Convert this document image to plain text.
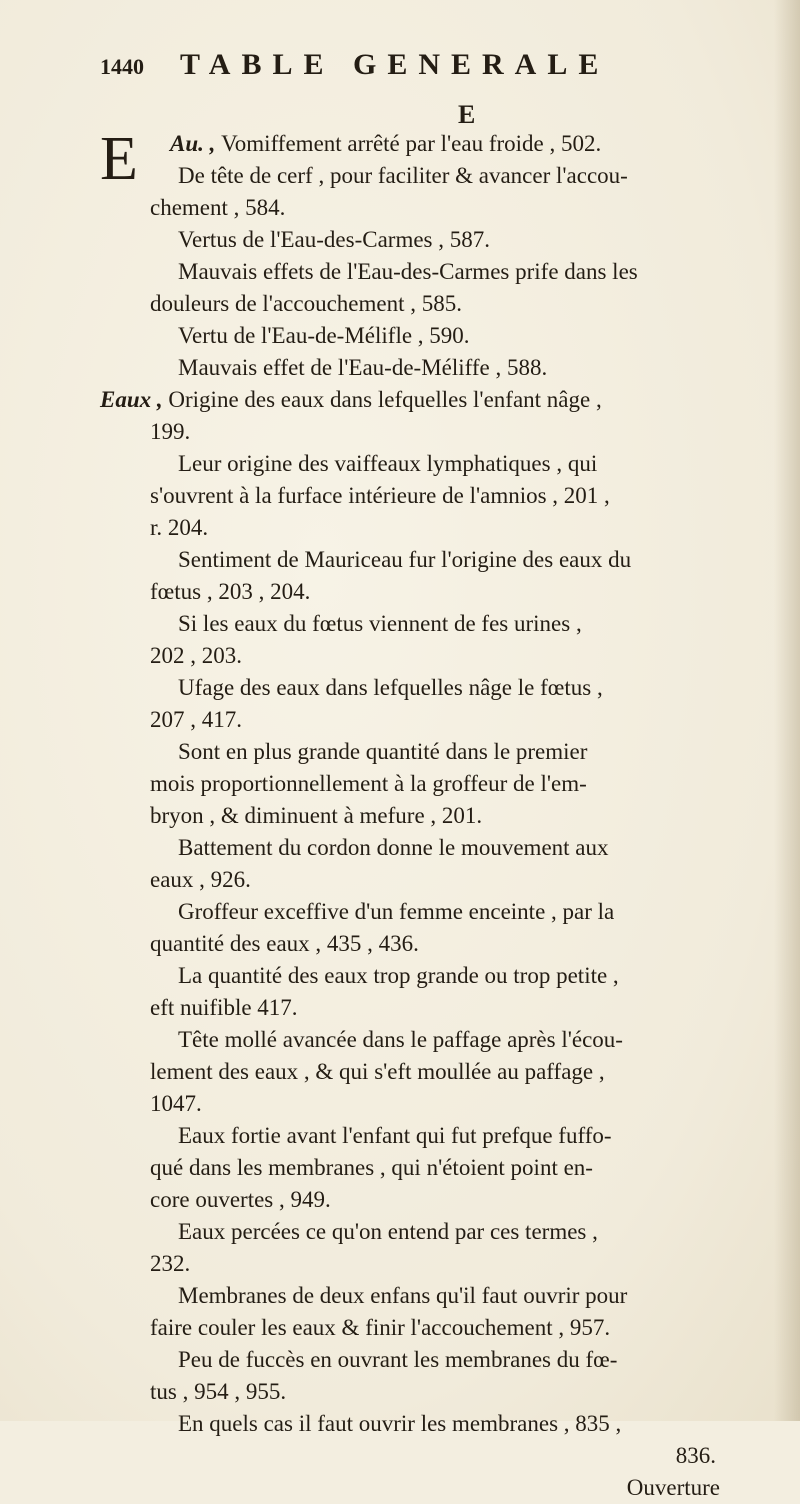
1440 TABLE GENERALE
E
E	Au. , Vomiffement arrêté par l'eau froide , 502.
De tête de cerf , pour faciliter & avancer l'accou-
chement , 584.
Vertus de l'Eau-des-Carmes , 587.
Mauvais effets de l'Eau-des-Carmes prife dans les
douleurs de l'accouchement , 585.
Vertu de l'Eau-de-Mélifle , 590.
Mauvais effet de l'Eau-de-Méliffe , 588.
Eaux , Origine des eaux dans lefquelles l'enfant nâge ,
199.
Leur origine des vaiffeaux lymphatiques , qui
s'ouvrent à la furface intérieure de l'amnios , 201 ,
r. 204.
Sentiment de Mauriceau fur l'origine des eaux du
fœtus , 203 , 204.
Si les eaux du fœtus viennent de fes urines ,
202 , 203.
Ufage des eaux dans lefquelles nâge le fœtus ,
207 , 417.
Sont en plus grande quantité dans le premier
mois proportionnellement à la groffeur de l'em-
bryon , & diminuent à mefure , 201.
Battement du cordon donne le mouvement aux
eaux , 926.
Groffeur exceffive d'un femme enceinte , par la
quantité des eaux , 435 , 436.
La quantité des eaux trop grande ou trop petite ,
eft nuifible 417.
Tête mollé avancée dans le paffage après l'écou-
lement des eaux , & qui s'eft moullée au paffage ,
1047.
Eaux fortie avant l'enfant qui fut prefque fuffo-
qué dans les membranes , qui n'étoient point en-
core ouvertes , 949.
Eaux percées ce qu'on entend par ces termes ,
232.
Membranes de deux enfans qu'il faut ouvrir pour
faire couler les eaux & finir l'accouchement , 957.
Peu de fuccès en ouvrant les membranes du fœ-
tus , 954 , 955.
En quels cas il faut ouvrir les membranes , 835 ,
836.
Ouverture
